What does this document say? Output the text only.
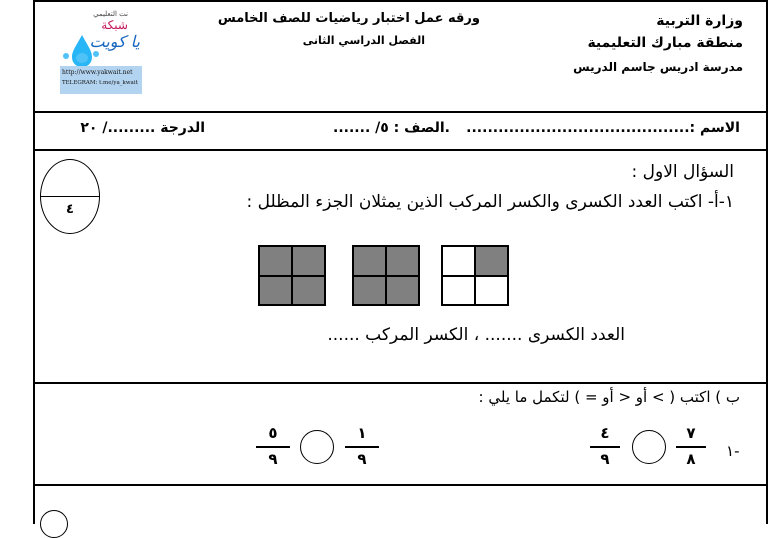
وزارة التربية
منطقة مبارك التعليمية
مدرسة ادريس جاسم الدريس
ورقه عمل اختبار رياضيات للصف الخامس
الفصل الدراسي الثانى
نت التعليمي
شبكة
يا كويت
http://www.yakwait.net
TELEGRAM: t.me/ya_kwait
الاسم :..........................................
.الصف : ٥/ .......
الدرجة ........./ ٢٠
٤
السؤال الاول :
١-أ- اكتب العدد الكسرى والكسر المركب الذين يمثلان الجزء المظلل :
العدد الكسرى ....... ، الكسر المركب ......
ب ) اكتب ( > أو < أو = ) لتكمل ما يلي :
-١
٧
٨
٤
٩
١
٩
٥
٩
